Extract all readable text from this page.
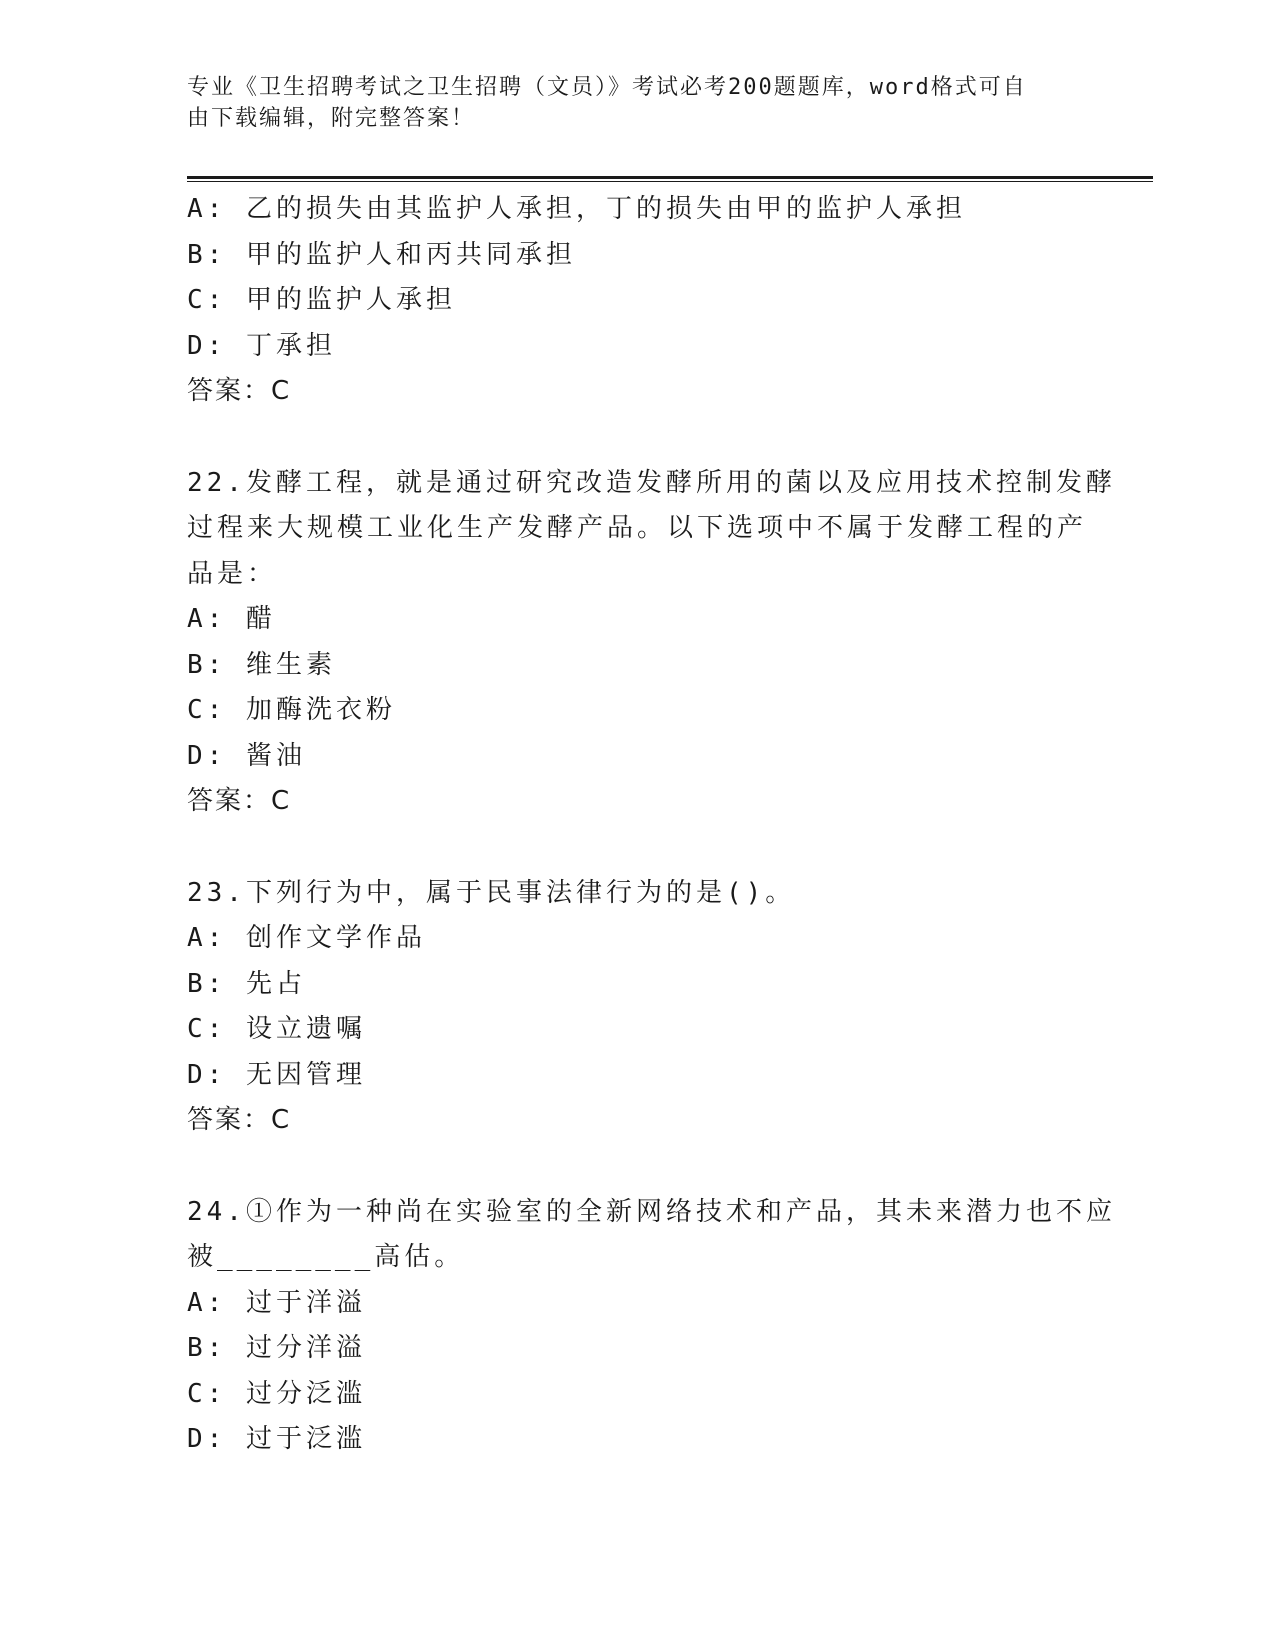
专业《卫生招聘考试之卫生招聘（文员）》考试必考200题题库，word格式可自
由下载编辑，附完整答案！
A: 乙的损失由其监护人承担，丁的损失由甲的监护人承担
B: 甲的监护人和丙共同承担
C: 甲的监护人承担
D: 丁承担
答案：C
22.发酵工程，就是通过研究改造发酵所用的菌以及应用技术控制发酵
过程来大规模工业化生产发酵产品。以下选项中不属于发酵工程的产
品是：
A: 醋
B: 维生素
C: 加酶洗衣粉
D: 酱油
答案：C
23.下列行为中，属于民事法律行为的是()。
A: 创作文学作品
B: 先占
C: 设立遗嘱
D: 无因管理
答案：C
24.①作为一种尚在实验室的全新网络技术和产品，其未来潜力也不应
被________高估。
A: 过于洋溢
B: 过分洋溢
C: 过分泛滥
D: 过于泛滥
